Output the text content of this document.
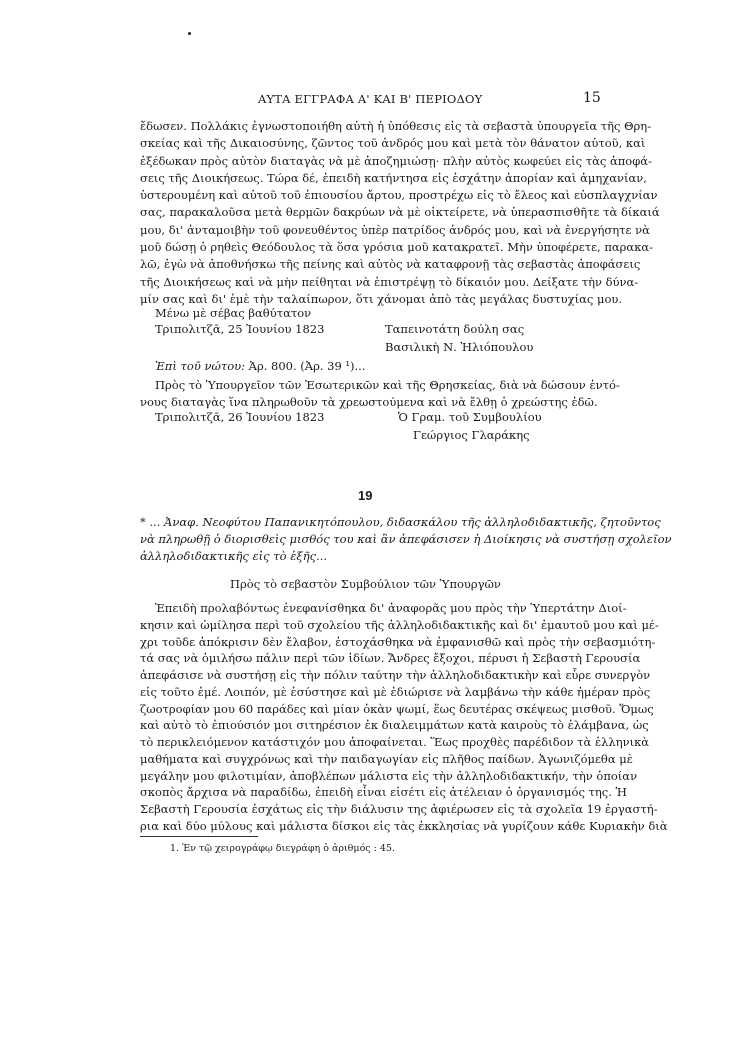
ΑΥΤΑ ΕΓΓΡΑΦΑ Α' ΚΑΙ Β' ΠΕΡΙΟΔΟΥ	15
ἔδωσεν. Πολλάκις ἐγνωστοποιήθη αὐτὴ ἡ ὑπόθεσις εἰς τὰ σεβαστὰ ὑπουργεῖα τῆς Θρη-
σκείας καὶ τῆς Δικαιοσύνης, ζῶντος τοῦ ἀνδρός μου καὶ μετὰ τὸν θάνατον αὐτοῦ, καὶ
ἐξέδωκαν πρὸς αὐτὸν διαταγὰς νὰ μὲ ἀποζημιώσῃ· πλὴν αὐτὸς κωφεύει εἰς τὰς ἀποφά-
σεις τῆς Διοικήσεως. Τώρα δέ, ἐπειδὴ κατήντησα εἰς ἐσχάτην ἀπορίαν καὶ ἀμηχανίαν,
ὑστερουμένη καὶ αὐτοῦ τοῦ ἐπιουσίου ἄρτου, προστρέχω εἰς τὸ ἔλεος καὶ εὐσπλαγχνίαν
σας, παρακαλοῦσα μετὰ θερμῶν δακρύων νὰ μὲ οἰκτείρετε, νὰ ὑπερασπισθῆτε τὰ δίκαιά
μου, δι' ἀνταμοιβὴν τοῦ φονευθέντος ὑπὲρ πατρίδος ἀνδρός μου, καὶ νὰ ἐνεργήσητε νὰ
μοῦ δώσῃ ὁ ρηθεὶς Θεόδουλος τὰ ὅσα γρόσια μοῦ κατακρατεῖ. Μὴν ὑποφέρετε, παρακα-
λῶ, ἐγὼ νὰ ἀποθνήσκω τῆς πείνης καὶ αὐτὸς νὰ καταφρονῇ τὰς σεβαστὰς ἀποφάσεις
τῆς Διοικήσεως καὶ νὰ μὴν πείθηται νὰ ἐπιστρέψῃ τὸ δίκαιόν μου. Δείξατε τὴν δύνα-
μίν σας καὶ δι' ἐμὲ τὴν ταλαίπωρον, ὅτι χάνομαι ἀπὸ τὰς μεγάλας δυστυχίας μου.
Μένω μὲ σέβας βαθύτατον
Τριπολιτζᾶ, 25 Ἰουνίου 1823	Ταπεινοτάτη δούλη σας
Βασιλικὴ Ν. Ἠλιόπουλου
Ἐπὶ τοῦ νώτου: Ἀρ. 800. (Ἀρ. 39 ¹)...
Πρὸς τὸ Ὑπουργεῖον τῶν Ἐσωτερικῶν καὶ τῆς Θρησκείας, διὰ νὰ δώσουν ἐντό-
νους διαταγὰς ἵνα πληρωθοῦν τὰ χρεωστούμενα καὶ νὰ ἔλθῃ ὁ χρεώστης ἐδῶ.
Τριπολιτζᾶ, 26 Ἰουνίου 1823	Ὁ Γραμ. τοῦ Συμβουλίου
Γεώργιος Γλαράκης
19
* ... Ἀναφ. Νεοφύτου Παπανικητόπουλου, διδασκάλου τῆς ἀλληλοδιδακτικῆς, ζητοῦντος
νὰ πληρωθῇ ὁ διορισθεὶς μισθός του καὶ ἂν ἀπεφάσισεν ἡ Διοίκησις νὰ συστήσῃ σχολεῖον
ἀλληλοδιδακτικῆς εἰς τὸ ἑξῆς...
Πρὸς τὸ σεβαστὸν Συμβούλιον τῶν Ὑπουργῶν
Ἐπειδὴ προλαβόντως ἐνεφανίσθηκα δι' ἀναφορᾶς μου πρὸς τὴν Ὑπερτάτην Διοί-
κησιν καὶ ὡμίλησα περὶ τοῦ σχολείου τῆς ἀλληλοδιδακτικῆς καὶ δι' ἐμαυτοῦ μου καὶ μέ-
χρι τοῦδε ἀπόκρισιν δὲν ἔλαβον, ἐστοχάσθηκα νὰ ἐμφανισθῶ καὶ πρὸς τὴν σεβασμιότη-
τά σας νὰ ὁμιλήσω πάλιν περὶ τῶν ἰδίων. Ἄνδρες ἔξοχοι, πέρυσι ἡ Σεβαστὴ Γερουσία
ἀπεφάσισε νὰ συστήσῃ εἰς τὴν πόλιν ταύτην τὴν ἀλληλοδιδακτικὴν καὶ εὗρε συνεργὸν
εἰς τοῦτο ἐμέ. Λοιπόν, μὲ ἐσύστησε καὶ μὲ ἐδιώρισε νὰ λαμβάνω τὴν κάθε ἡμέραν πρὸς
ζωοτροφίαν μου 60 παράδες καὶ μίαν ὀκὰν ψωμί, ἕως δευτέρας σκέψεως μισθοῦ. Ὅμως
καὶ αὐτὸ τὸ ἐπιούσιόν μοι σιτηρέσιον ἐκ διαλειμμάτων κατὰ καιροὺς τὸ ἐλάμβανα, ὡς
τὸ περικλειόμενον κατάστιχόν μου ἀποφαίνεται. Ἕως προχθὲς παρέδιδον τὰ ἑλληνικὰ
μαθήματα καὶ συγχρόνως καὶ τὴν παιδαγωγίαν εἰς πλῆθος παίδων. Ἀγωνιζόμεθα μὲ
μεγάλην μου φιλοτιμίαν, ἀποβλέπων μάλιστα εἰς τὴν ἀλληλοδιδακτικήν, τὴν ὁποίαν
σκοπὸς ἄρχισα νὰ παραδίδω, ἐπειδὴ εἶναι εἰσέτι εἰς ἀτέλειαν ὁ ὀργανισμός της. Ἡ
Σεβαστὴ Γερουσία ἐσχάτως εἰς τὴν διάλυσιν της ἀφιέρωσεν εἰς τὰ σχολεῖα 19 ἐργαστή-
ρια καὶ δύο μύλους καὶ μάλιστα δίσκοι εἰς τὰς ἐκκλησίας νὰ γυρίζουν κάθε Κυριακὴν διὰ
1. Ἐν τῷ χειρογράφῳ διεγράφη ὁ ἀριθμός : 45.
